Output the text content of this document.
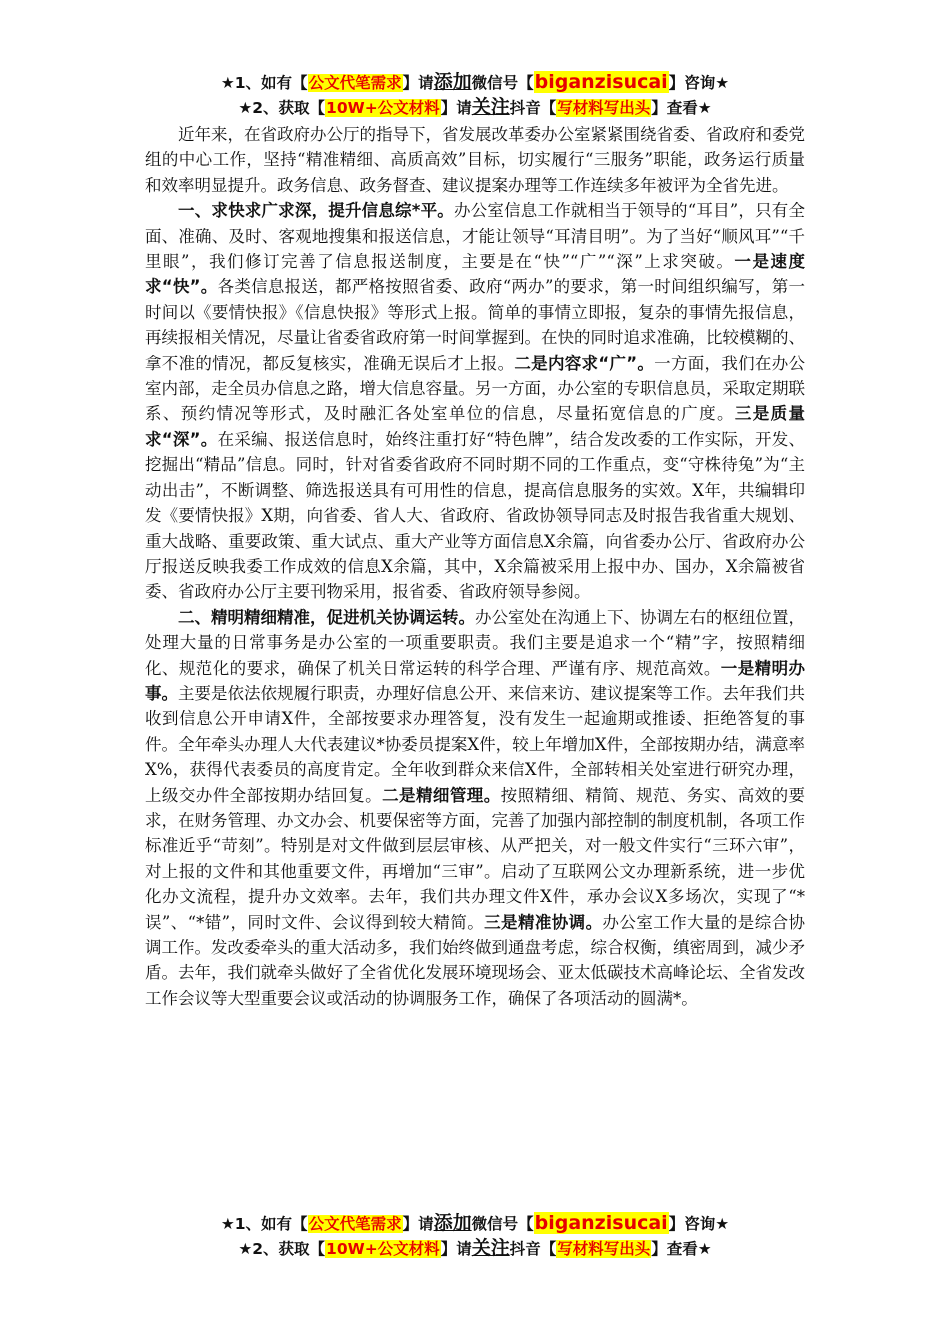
★1、如有【公文代笔需求】请添加微信号【biganzisucai】咨询★
★2、获取【10W+公文材料】请关注抖音【写材料写出头】查看★

近年来，在省政府办公厅的指导下，省发展改革委办公室紧紧围绕省委、省政府和委党组的中心工作，坚持“精准精细、高质高效”目标，切实履行“三服务”职能，政务运行质量和效率明显提升。政务信息、政务督查、建议提案办理等工作连续多年被评为全省先进。

一、求快求广求深，提升信息综*平。办公室信息工作就相当于领导的“耳目”，只有全面、准确、及时、客观地搜集和报送信息，才能让领导“耳清目明”。为了当好“顺风耳”“千里眼”，我们修订完善了信息报送制度，主要是在“快”“广”“深”上求突破。一是速度求“快”。各类信息报送，都严格按照省委、政府“两办”的要求，第一时间组织编写，第一时间以《要情快报》《信息快报》等形式上报。简单的事情立即报，复杂的事情先报信息，再续报相关情况，尽量让省委省政府第一时间掌握到。在快的同时追求准确，比较模糊的、拿不准的情况，都反复核实，准确无误后才上报。二是内容求“广”。一方面，我们在办公室内部，走全员办信息之路，增大信息容量。另一方面，办公室的专职信息员，采取定期联系、预约情况等形式，及时融汇各处室单位的信息，尽量拓宽信息的广度。三是质量求“深”。在采编、报送信息时，始终注重打好“特色牌”，结合发改委的工作实际，开发、挖掘出“精品”信息。同时，针对省委省政府不同时期不同的工作重点，变“守株待兔”为“主动出击”，不断调整、筛选报送具有可用性的信息，提高信息服务的实效。X年，共编辑印发《要情快报》X期，向省委、省人大、省政府、省政协领导同志及时报告我省重大规划、重大战略、重要政策、重大试点、重大产业等方面信息X余篇，向省委办公厅、省政府办公厅报送反映我委工作成效的信息X余篇，其中，X余篇被采用上报中办、国办，X余篇被省委、省政府办公厅主要刊物采用，报省委、省政府领导参阅。

二、精明精细精准，促进机关协调运转。办公室处在沟通上下、协调左右的枢纽位置，处理大量的日常事务是办公室的一项重要职责。我们主要是追求一个“精”字，按照精细化、规范化的要求，确保了机关日常运转的科学合理、严谨有序、规范高效。一是精明办事。主要是依法依规履行职责，办理好信息公开、来信来访、建议提案等工作。去年我们共收到信息公开申请X件，全部按要求办理答复，没有发生一起逾期或推诿、拒绝答复的事件。全年牵头办理人大代表建议*协委员提案X件，较上年增加X件，全部按期办结，满意率X%，获得代表委员的高度肯定。全年收到群众来信X件，全部转相关处室进行研究办理，上级交办件全部按期办结回复。二是精细管理。按照精细、精简、规范、务实、高效的要求，在财务管理、办文办会、机要保密等方面，完善了加强内部控制的制度机制，各项工作标准近乎“苛刻”。特别是对文件做到层层审核、从严把关，对一般文件实行“三环六审”，对上报的文件和其他重要文件，再增加“三审”。启动了互联网公文办理新系统，进一步优化办文流程，提升办文效率。去年，我们共办理文件X件，承办会议X多场次，实现了“*误”、“*错”，同时文件、会议得到较大精简。三是精准协调。办公室工作大量的是综合协调工作。发改委牵头的重大活动多，我们始终做到通盘考虑，综合权衡，缜密周到，减少矛盾。去年，我们就牵头做好了全省优化发展环境现场会、亚太低碳技术高峰论坛、全省发改工作会议等大型重要会议或活动的协调服务工作，确保了各项活动的圆满*。

★1、如有【公文代笔需求】请添加微信号【biganzisucai】咨询★
★2、获取【10W+公文材料】请关注抖音【写材料写出头】查看★
